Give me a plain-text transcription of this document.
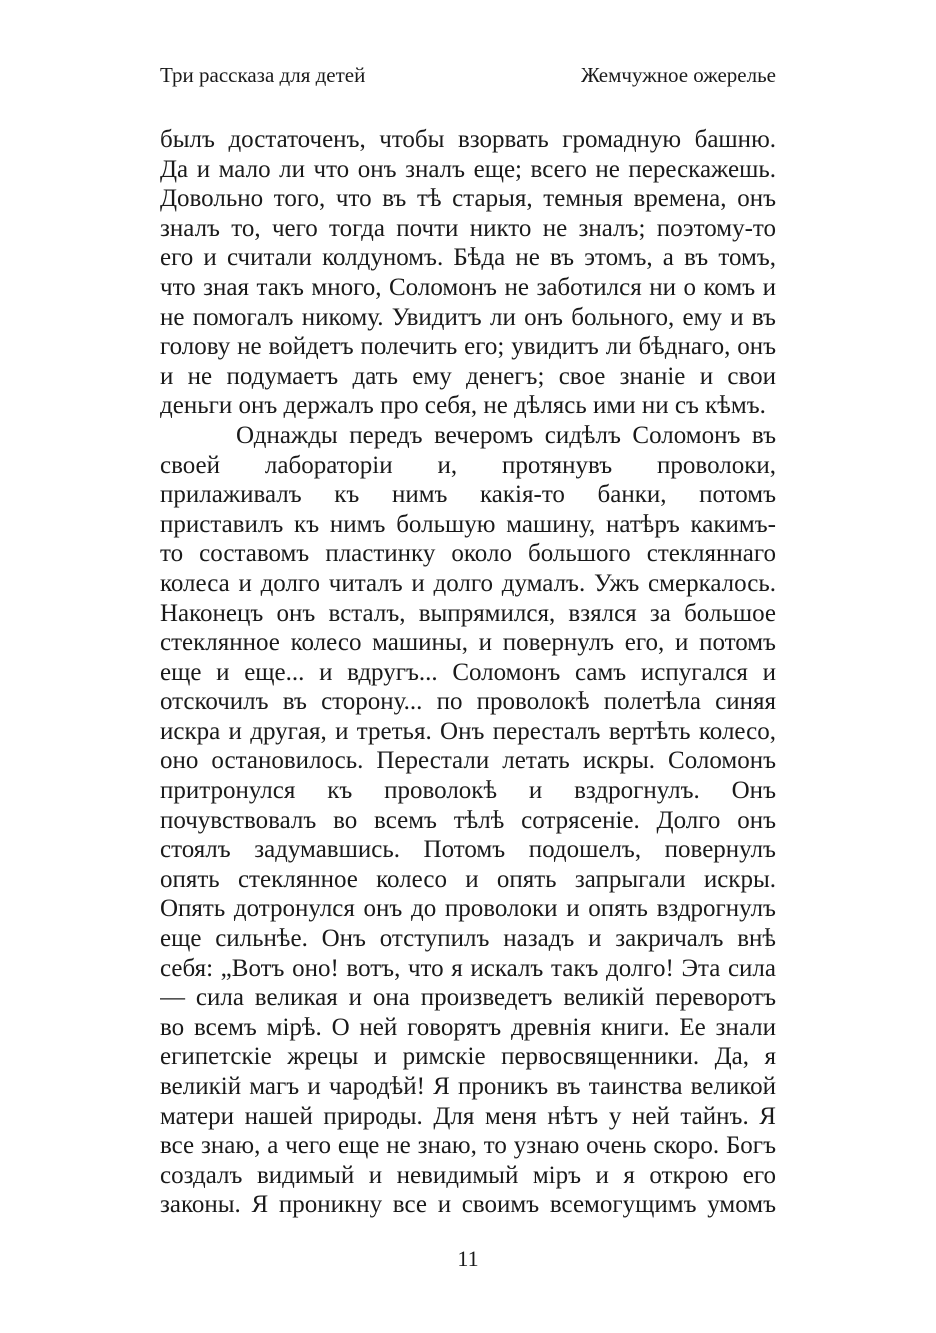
Три рассказа для детей	Жемчужное ожерелье
былъ достаточенъ, чтобы взорвать громадную башню.
Да и мало ли что онъ зналъ еще; всего не перескажешь.
Довольно того, что въ тѣ старыя, темныя времена, онъ
зналъ то, чего тогда почти никто не зналъ; поэтому-то
его и считали колдуномъ. Бѣда не въ этомъ, а въ томъ,
что зная такъ много, Соломонъ не заботился ни о комъ и
не помогалъ никому. Увидитъ ли онъ больного, ему и въ
голову не войдетъ полечить его; увидитъ ли бѣднаго, онъ
и не подумаетъ дать ему денегъ; свое знаніе и свои
деньги онъ держалъ про себя, не дѣлясь ими ни съ кѣмъ.
Однажды передъ вечеромъ сидѣлъ Соломонъ въ
своей лабораторіи и, протянувъ проволоки,
прилаживалъ къ нимъ какія-то банки, потомъ
приставилъ къ нимъ большую машину, натѣръ какимъ-
то составомъ пластинку около большого стекляннаго
колеса и долго читалъ и долго думалъ. Ужъ смеркалось.
Наконецъ онъ всталъ, выпрямился, взялся за большое
стеклянное колесо машины, и повернулъ его, и потомъ
еще и еще... и вдругъ... Соломонъ самъ испугался и
отскочилъ въ сторону... по проволокѣ полетѣла синяя
искра и другая, и третья. Онъ пересталъ вертѣть колесо,
оно остановилось. Перестали летать искры. Соломонъ
притронулся къ проволокѣ и вздрогнулъ. Онъ
почувствовалъ во всемъ тѣлѣ сотрясеніе. Долго онъ
стоялъ задумавшись. Потомъ подошелъ, повернулъ
опять стеклянное колесо и опять запрыгали искры.
Опять дотронулся онъ до проволоки и опять вздрогнулъ
еще сильнѣе. Онъ отступилъ назадъ и закричалъ внѣ
себя: „Вотъ оно! вотъ, что я искалъ такъ долго! Эта сила
— сила великая и она произведетъ великій переворотъ
во всемъ мірѣ. О ней говорятъ древнія книги. Ее знали
египетскіе жрецы и римскіе первосвященники. Да, я
великій магъ и чародѣй! Я проникъ въ таинства великой
матери нашей природы. Для меня нѣтъ у ней тайнъ. Я
все знаю, а чего еще не знаю, то узнаю очень скоро. Богъ
создалъ видимый и невидимый міръ и я открою его
законы. Я проникну все и своимъ всемогущимъ умомъ
11
